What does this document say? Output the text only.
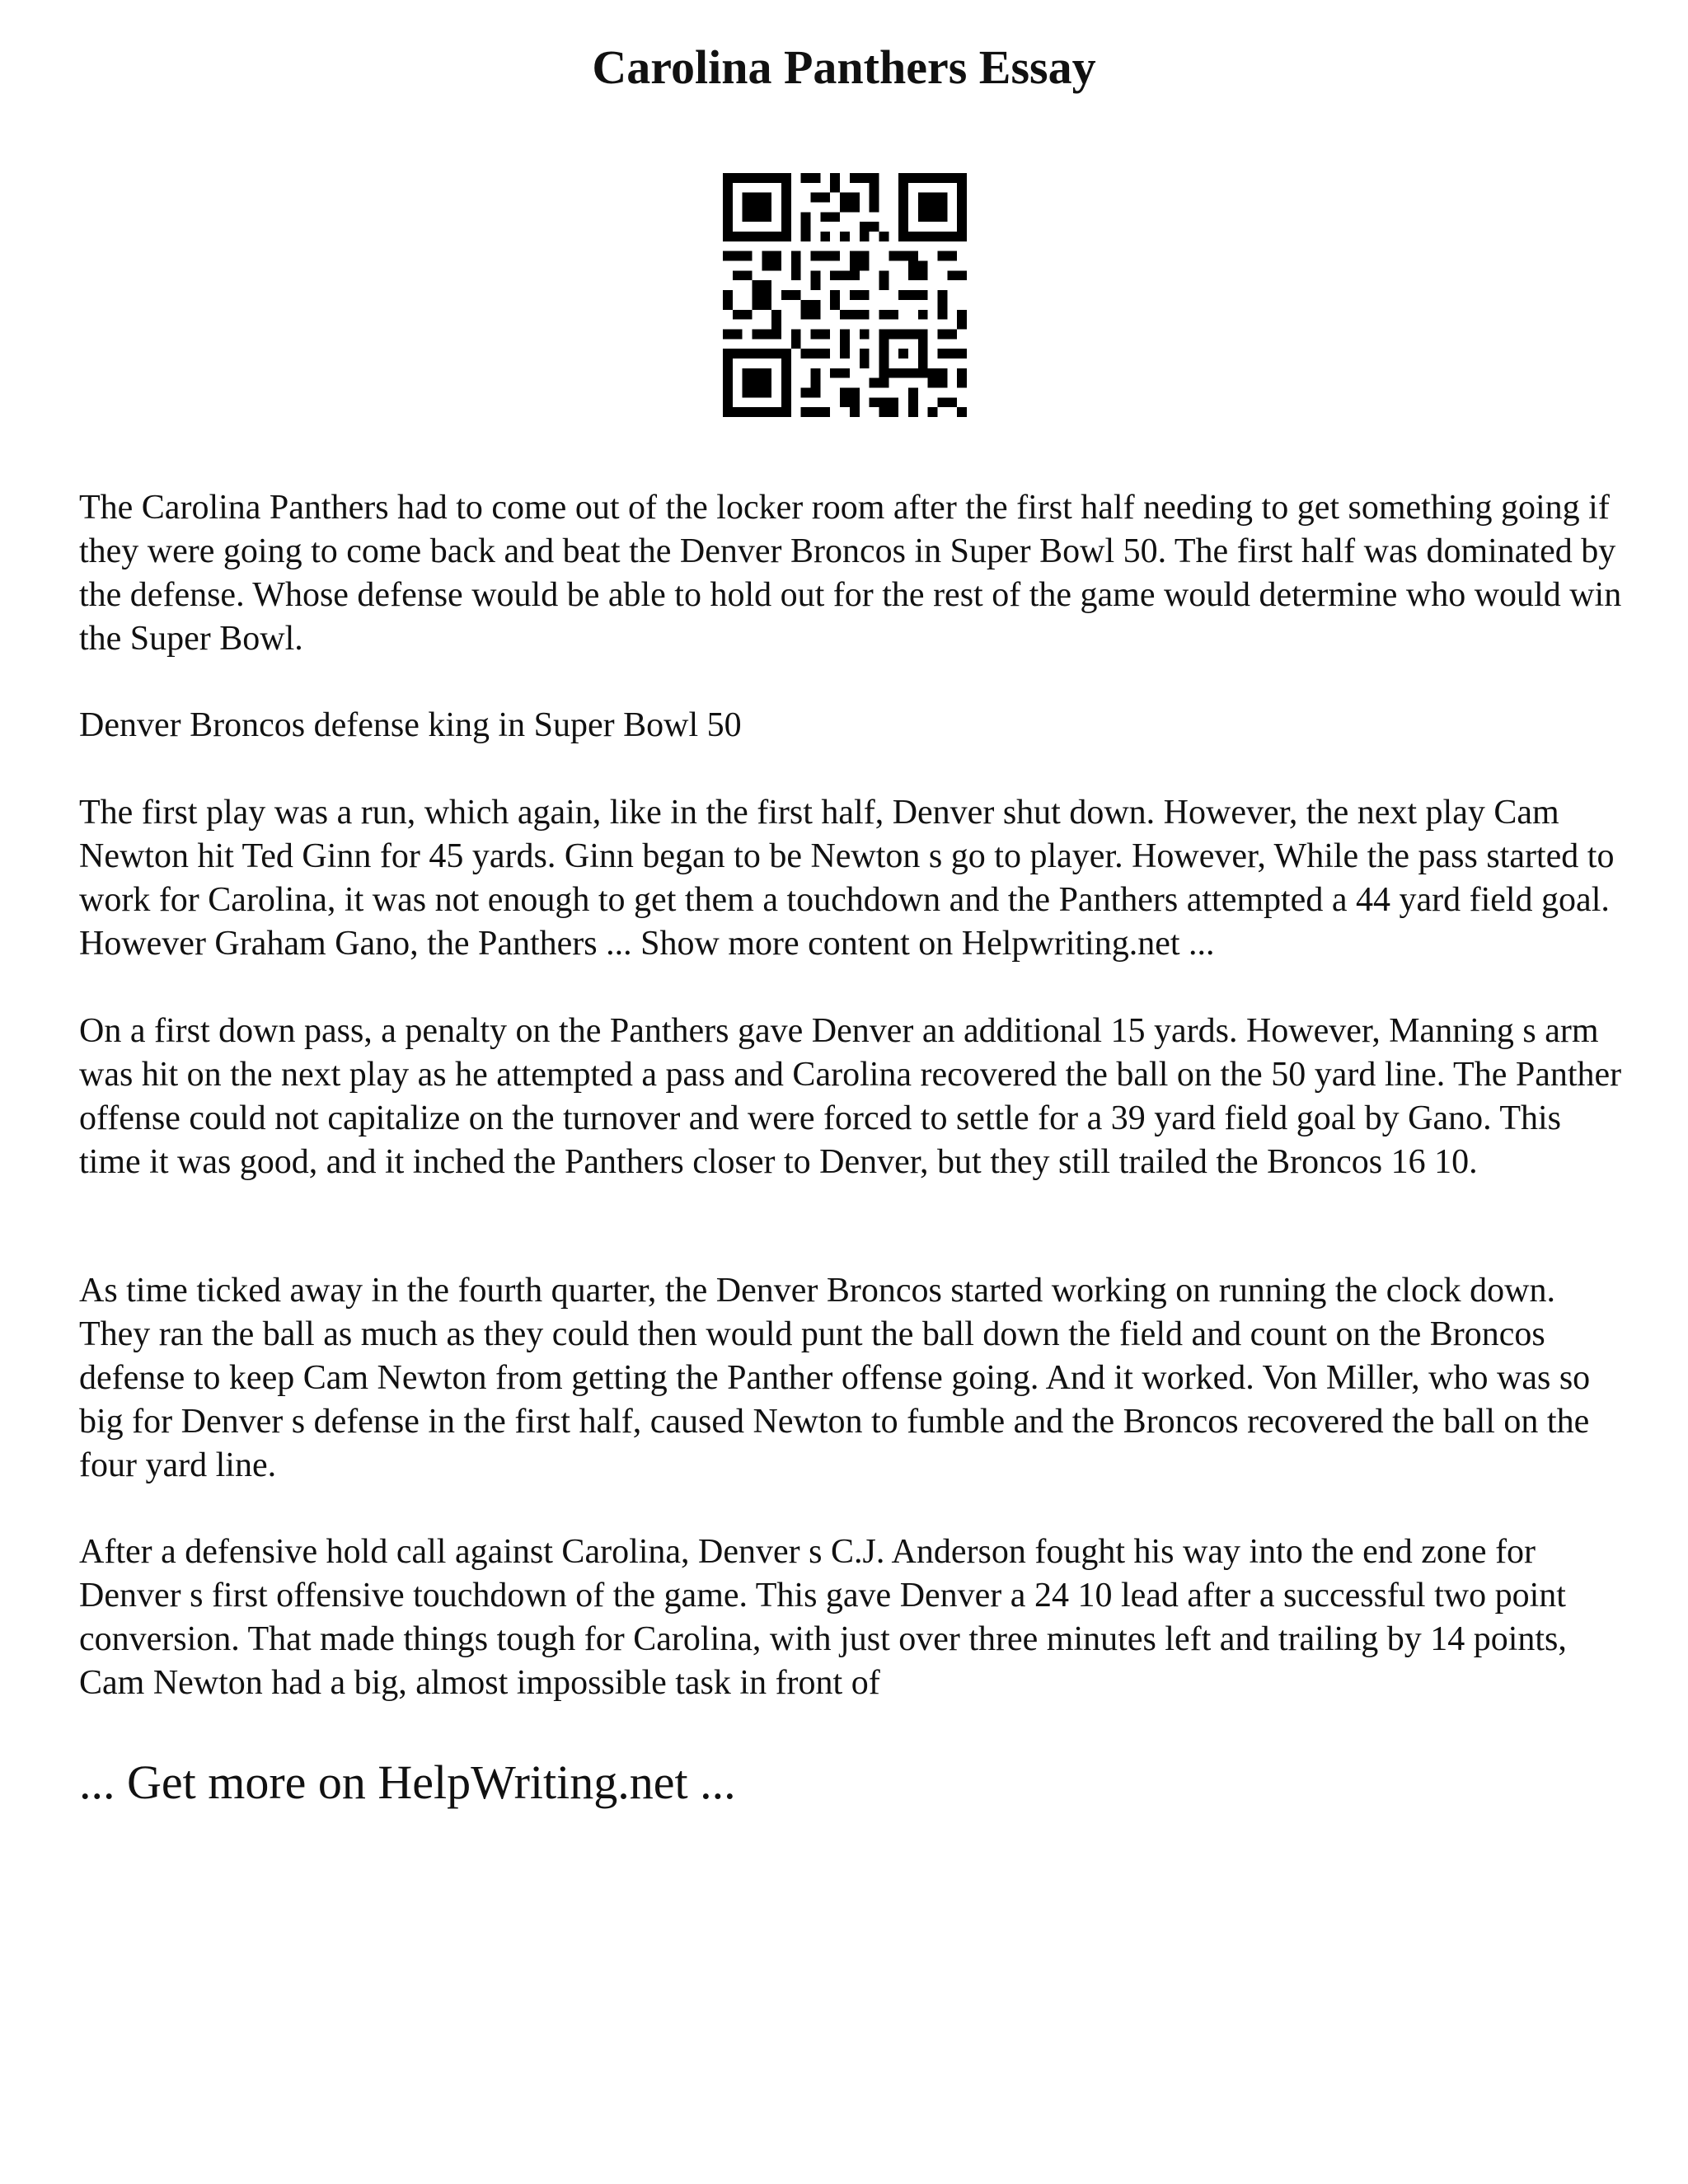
Carolina Panthers Essay

The Carolina Panthers had to come out of the locker room after the first half needing to get something going if they were going to come back and beat the Denver Broncos in Super Bowl 50. The first half was dominated by the defense. Whose defense would be able to hold out for the rest of the game would determine who would win the Super Bowl.

Denver Broncos defense king in Super Bowl 50

The first play was a run, which again, like in the first half, Denver shut down. However, the next play Cam Newton hit Ted Ginn for 45 yards. Ginn began to be Newton s go to player. However, While the pass started to work for Carolina, it was not enough to get them a touchdown and the Panthers attempted a 44 yard field goal. However Graham Gano, the Panthers ... Show more content on Helpwriting.net ...

On a first down pass, a penalty on the Panthers gave Denver an additional 15 yards. However, Manning s arm was hit on the next play as he attempted a pass and Carolina recovered the ball on the 50 yard line. The Panther offense could not capitalize on the turnover and were forced to settle for a 39 yard field goal by Gano. This time it was good, and it inched the Panthers closer to Denver, but they still trailed the Broncos 16 10.

As time ticked away in the fourth quarter, the Denver Broncos started working on running the clock down. They ran the ball as much as they could then would punt the ball down the field and count on the Broncos defense to keep Cam Newton from getting the Panther offense going. And it worked. Von Miller, who was so big for Denver s defense in the first half, caused Newton to fumble and the Broncos recovered the ball on the four yard line.

After a defensive hold call against Carolina, Denver s C.J. Anderson fought his way into the end zone for Denver s first offensive touchdown of the game. This gave Denver a 24 10 lead after a successful two point conversion. That made things tough for Carolina, with just over three minutes left and trailing by 14 points, Cam Newton had a big, almost impossible task in front of

... Get more on HelpWriting.net ...
